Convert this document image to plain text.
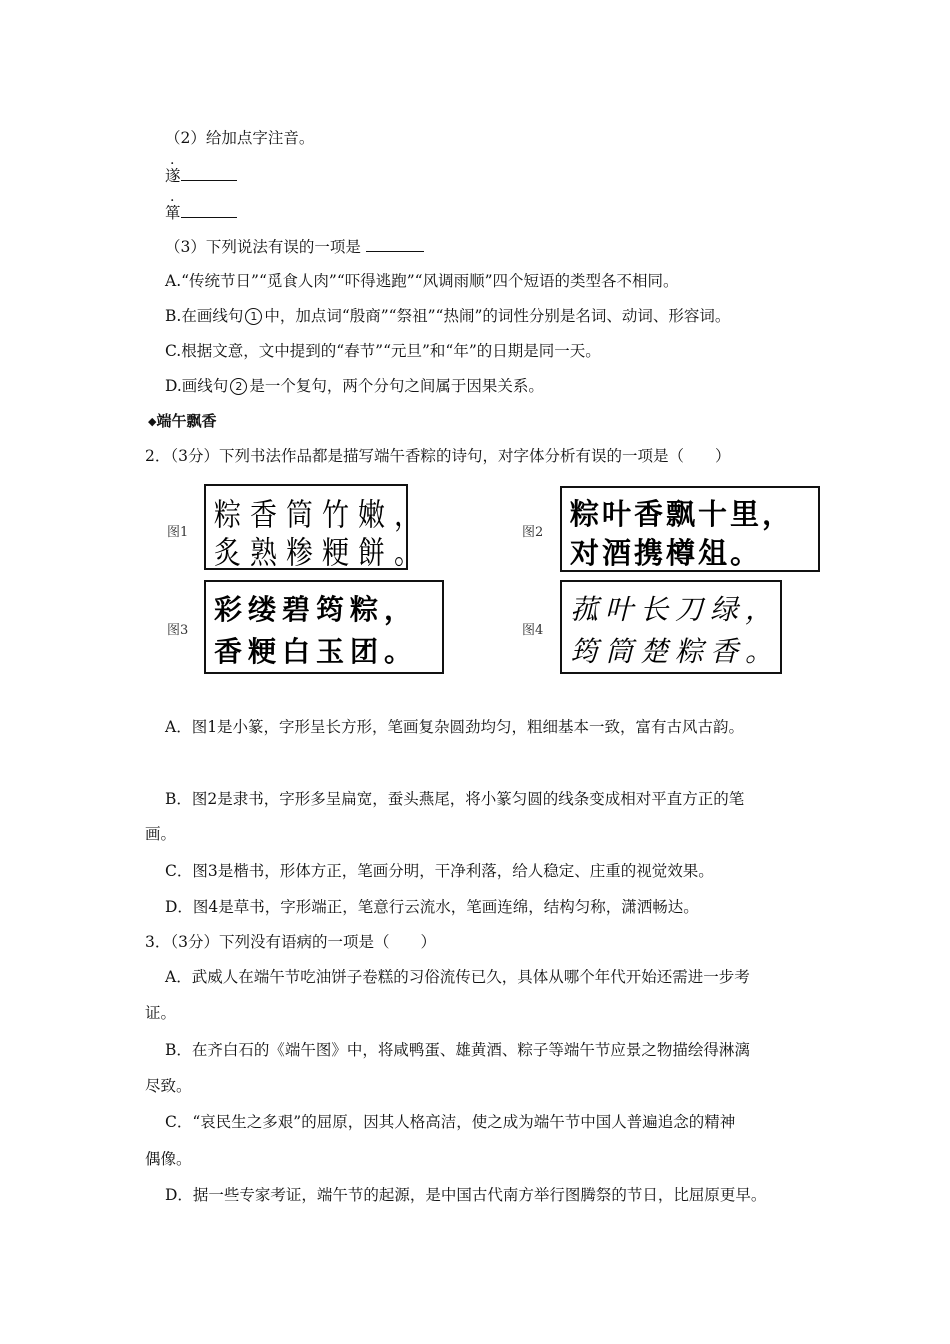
（2）给加点字注音。
遂
箪
（3）下列说法有误的一项是
A.“传统节日”“觅食人肉”“吓得逃跑”“风调雨顺”四个短语的类型各不相同。
B.在画线句 1 中，加点词“殷商”“祭祖”“热闹”的词性分别是名词、动词、形容词。
C.根据文意，文中提到的“春节”“元旦”和“年”的日期是同一天。
D.画线句 2 是一个复句，两个分句之间属于因果关系。
◆端午飘香
2．（3分）下列书法作品都是描写端午香粽的诗句，对字体分析有误的一项是（　　）
图1 粽香筒竹嫩，
炙熟糁粳餅。
图2
粽叶香飘十里，
对酒携樽俎。
图3
彩缕碧筠粽，
香粳白玉团。
图4
菰叶长刀绿，
筠筒楚粽香。
A．图1是小篆，字形呈长方形，笔画复杂圆劲均匀，粗细基本一致，富有古风古韵。
B．图2是隶书，字形多呈扁宽，蚕头燕尾，将小篆匀圆的线条变成相对平直方正的笔
画。
C．图3是楷书，形体方正，笔画分明，干净利落，给人稳定、庄重的视觉效果。
D．图4是草书，字形端正，笔意行云流水，笔画连绵，结构匀称，潇洒畅达。
3．（3分）下列没有语病的一项是（　　）
A．武威人在端午节吃油饼子卷糕的习俗流传已久，具体从哪个年代开始还需进一步考
证。
B．在齐白石的《端午图》中，将咸鸭蛋、雄黄酒、粽子等端午节应景之物描绘得淋漓
尽致。
C．“哀民生之多艰”的屈原，因其人格高洁，使之成为端午节中国人普遍追念的精神
偶像。
D．据一些专家考证，端午节的起源，是中国古代南方举行图腾祭的节日，比屈原更早。
